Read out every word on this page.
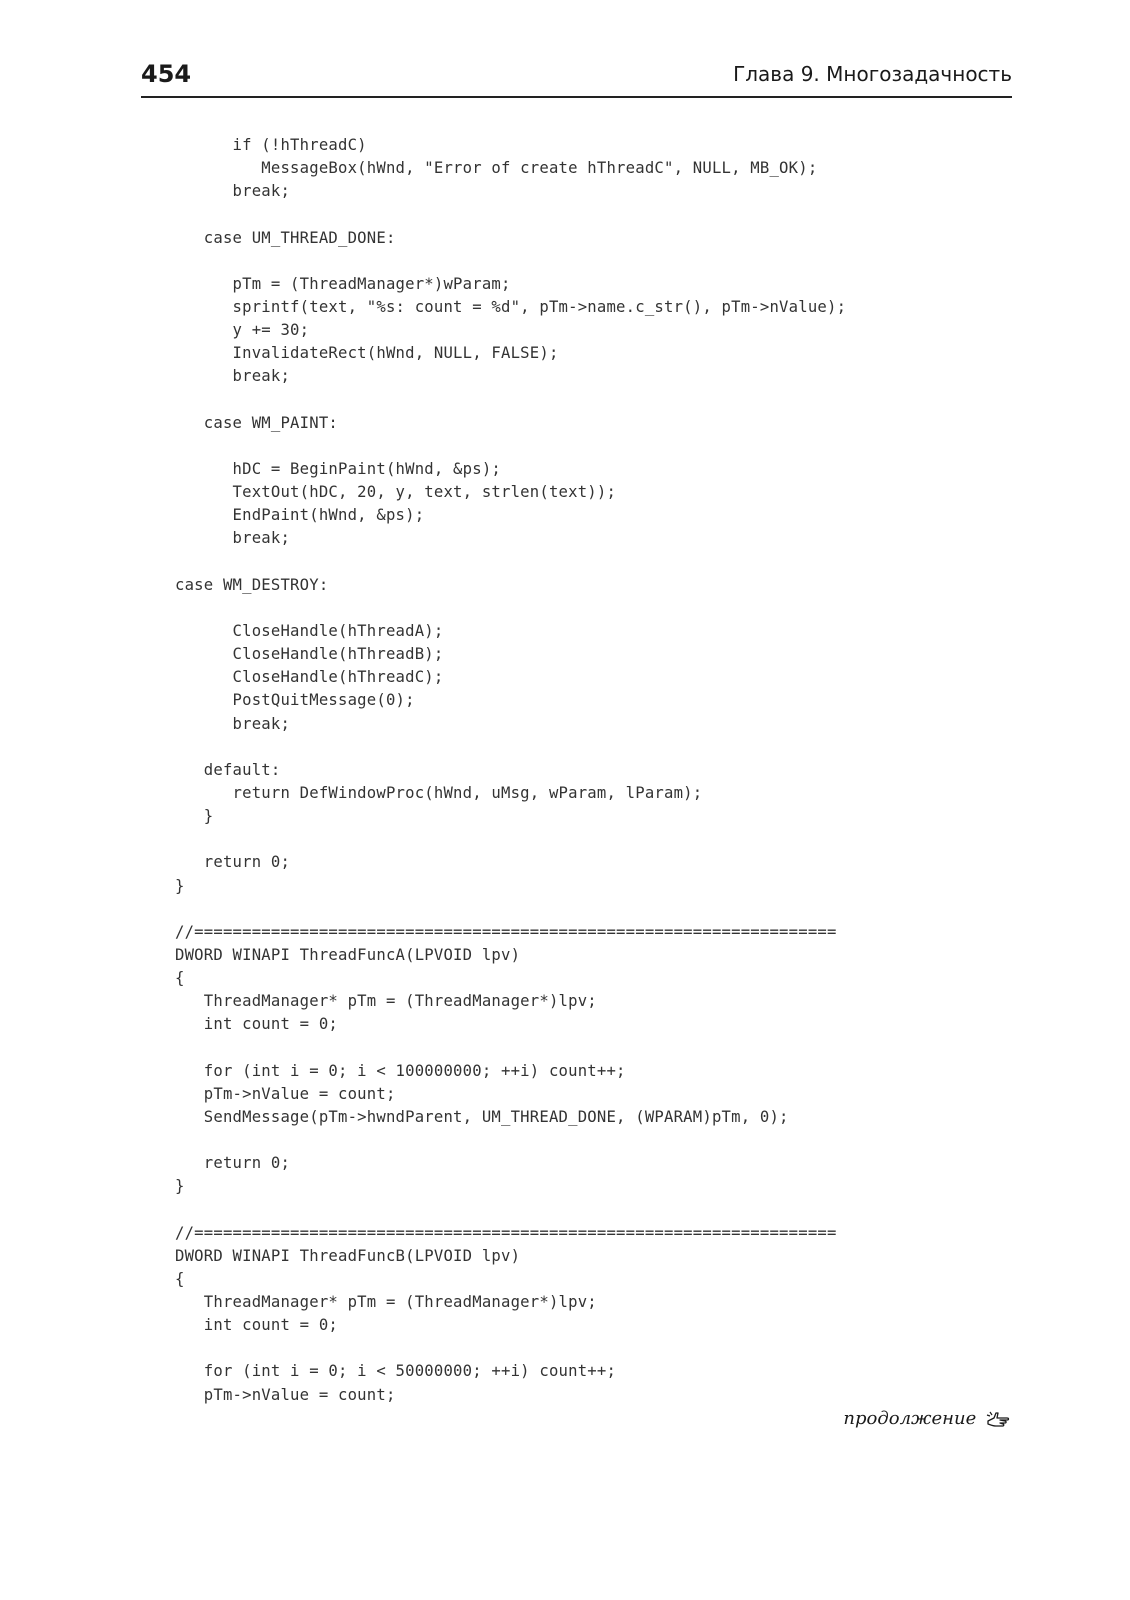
454	Глава 9. Многозадачность
if (!hThreadC)
MessageBox(hWnd, "Error of create hThreadC", NULL, MB_OK);
break;
case UM_THREAD_DONE:
pTm = (ThreadManager*)wParam;
sprintf(text, "%s: count = %d", pTm->name.c_str(), pTm->nValue);
y += 30;
InvalidateRect(hWnd, NULL, FALSE);
break;
case WM_PAINT:
hDC = BeginPaint(hWnd, &ps);
TextOut(hDC, 20, y, text, strlen(text));
EndPaint(hWnd, &ps);
break;
case WM_DESTROY:
CloseHandle(hThreadA);
CloseHandle(hThreadB);
CloseHandle(hThreadC);
PostQuitMessage(0);
break;
default:
return DefWindowProc(hWnd, uMsg, wParam, lParam);
}
return 0;
}
//===================================================================
DWORD WINAPI ThreadFuncA(LPVOID lpv)
{
ThreadManager* pTm = (ThreadManager*)lpv;
int count = 0;
for (int i = 0; i < 100000000; ++i) count++;
pTm->nValue = count;
SendMessage(pTm->hwndParent, UM_THREAD_DONE, (WPARAM)pTm, 0);
return 0;
}
//===================================================================
DWORD WINAPI ThreadFuncB(LPVOID lpv)
{
ThreadManager* pTm = (ThreadManager*)lpv;
int count = 0;
for (int i = 0; i < 50000000; ++i) count++;
pTm->nValue = count;
продолжение
